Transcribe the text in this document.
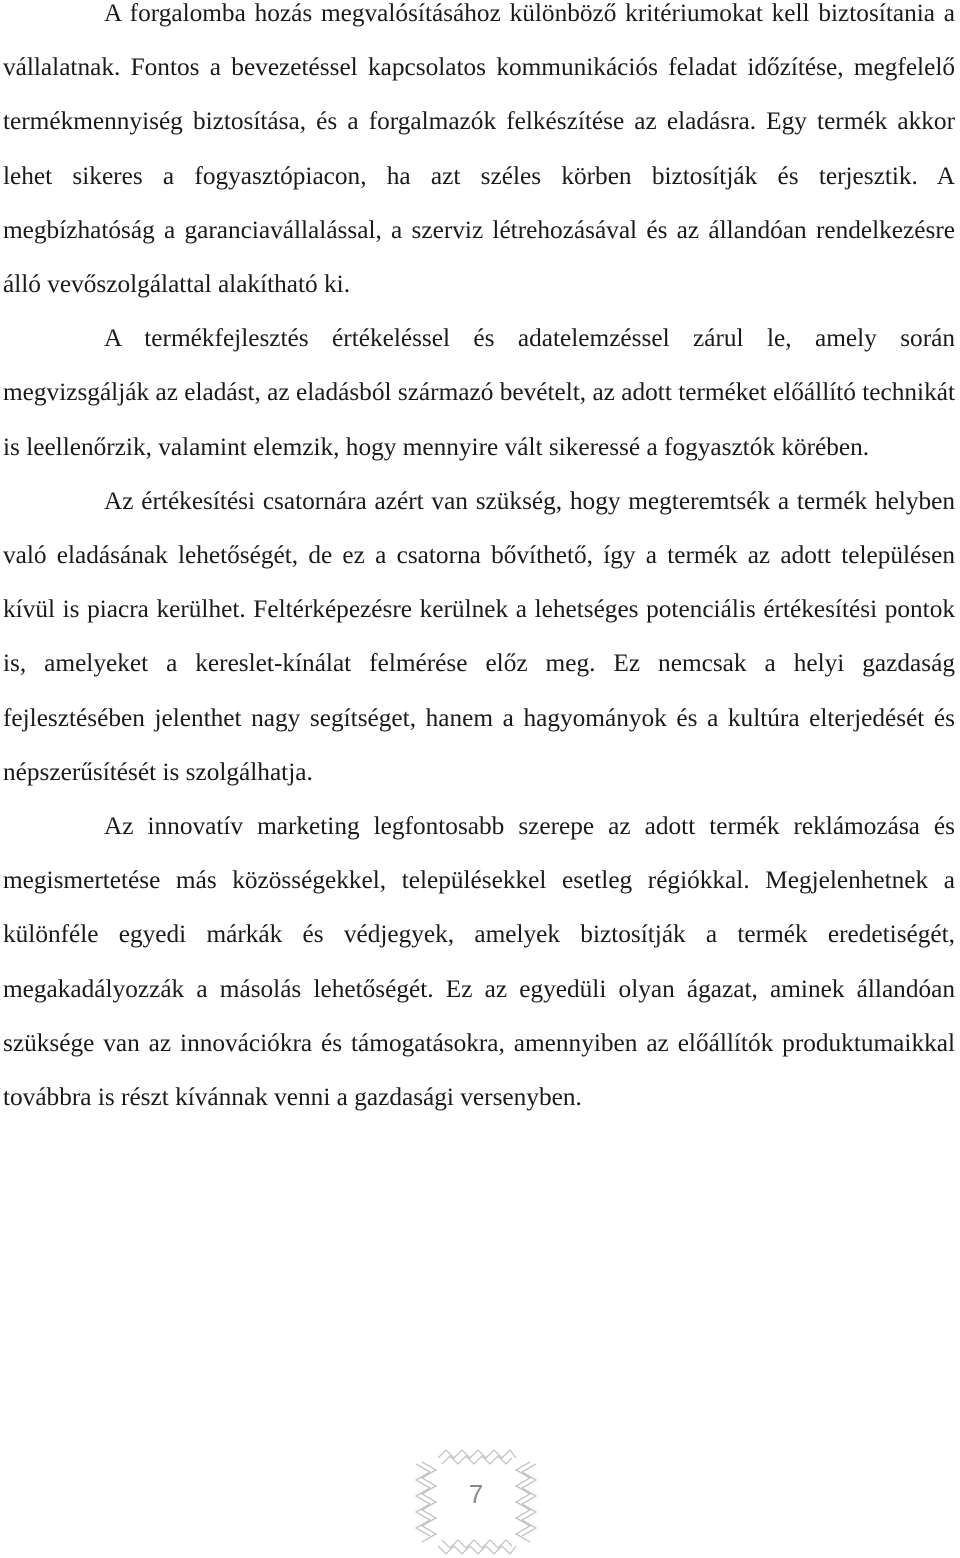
A forgalomba hozás megvalósításához különböző kritériumokat kell biztosítania a vállalatnak. Fontos a bevezetéssel kapcsolatos kommunikációs feladat időzítése, megfelelő termékmennyiség biztosítása, és a forgalmazók felkészítése az eladásra. Egy termék akkor lehet sikeres a fogyasztópiacon, ha azt széles körben biztosítják és terjesztik. A megbízhatóság a garanciavállalással, a szerviz létrehozásával és az állandóan rendelkezésre álló vevőszolgálattal alakítható ki.

A termékfejlesztés értékeléssel és adatelemzéssel zárul le, amely során megvizsgálják az eladást, az eladásból származó bevételt, az adott terméket előállító technikát is leellenőrzik, valamint elemzik, hogy mennyire vált sikeressé a fogyasztók körében.

Az értékesítési csatornára azért van szükség, hogy megteremtsék a termék helyben való eladásának lehetőségét, de ez a csatorna bővíthető, így a termék az adott településen kívül is piacra kerülhet. Feltérképezésre kerülnek a lehetséges potenciális értékesítési pontok is, amelyeket a kereslet-kínálat felmérése előz meg. Ez nemcsak a helyi gazdaság fejlesztésében jelenthet nagy segítséget, hanem a hagyományok és a kultúra elterjedését és népszerűsítését is szolgálhatja.

Az innovatív marketing legfontosabb szerepe az adott termék reklámozása és megismertetése más közösségekkel, településekkel esetleg régiókkal. Megjelenhetnek a különféle egyedi márkák és védjegyek, amelyek biztosítják a termék eredetiségét, megakadályozzák a másolás lehetőségét. Ez az egyedüli olyan ágazat, aminek állandóan szüksége van az innovációkra és támogatásokra, amennyiben az előállítók produktumaikkal továbbra is részt kívánnak venni a gazdasági versenyben.

7
